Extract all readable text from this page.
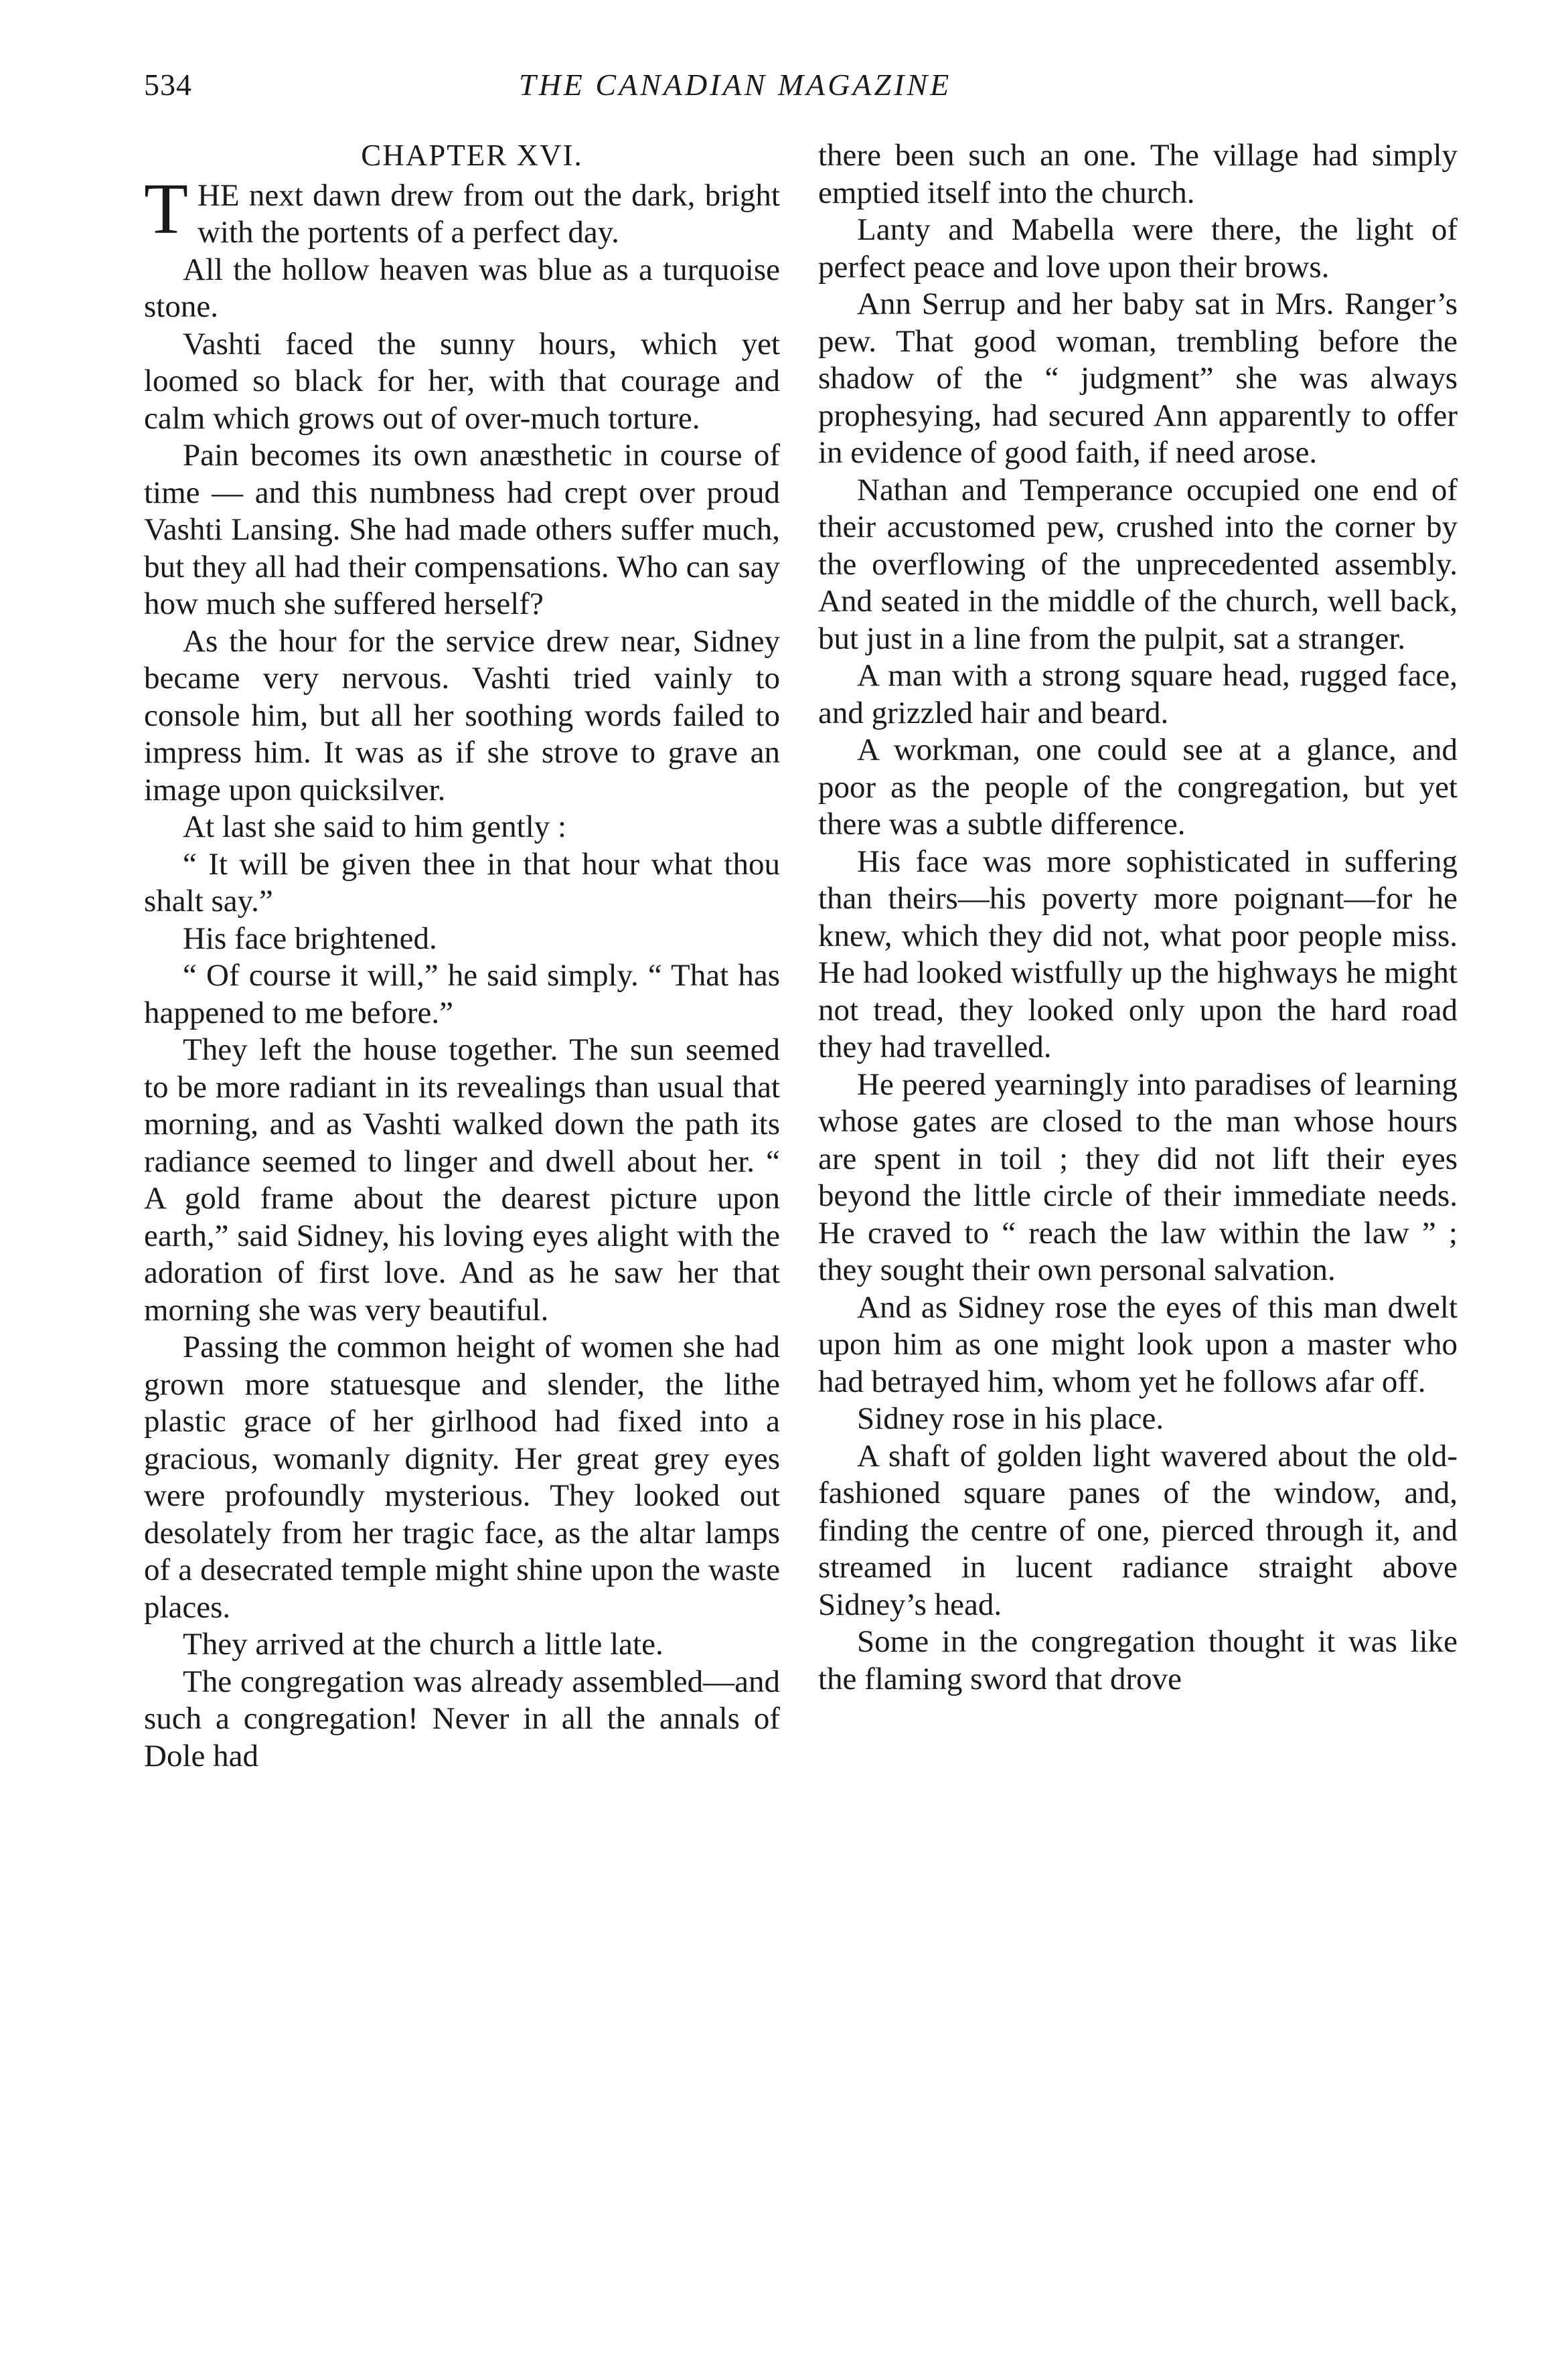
534	THE CANADIAN MAGAZINE
CHAPTER XVI.

THE next dawn drew from out the dark, bright with the portents of a perfect day.

All the hollow heaven was blue as a turquoise stone.

Vashti faced the sunny hours, which yet loomed so black for her, with that courage and calm which grows out of over-much torture.

Pain becomes its own anæsthetic in course of time — and this numbness had crept over proud Vashti Lansing. She had made others suffer much, but they all had their compensations. Who can say how much she suffered herself?

As the hour for the service drew near, Sidney became very nervous. Vashti tried vainly to console him, but all her soothing words failed to impress him. It was as if she strove to grave an image upon quicksilver.

At last she said to him gently :

“ It will be given thee in that hour what thou shalt say.”

His face brightened.

“ Of course it will,” he said simply. “ That has happened to me before.”

They left the house together. The sun seemed to be more radiant in its revealings than usual that morning, and as Vashti walked down the path its radiance seemed to linger and dwell about her. “ A gold frame about the dearest picture upon earth,” said Sidney, his loving eyes alight with the adoration of first love. And as he saw her that morning she was very beautiful.

Passing the common height of women she had grown more statuesque and slender, the lithe plastic grace of her girlhood had fixed into a gracious, womanly dignity. Her great grey eyes were profoundly mysterious. They looked out desolately from her tragic face, as the altar lamps of a desecrated temple might shine upon the waste places.

They arrived at the church a little late.

The congregation was already assembled—and such a congregation! Never in all the annals of Dole had

there been such an one. The village had simply emptied itself into the church.

Lanty and Mabella were there, the light of perfect peace and love upon their brows.

Ann Serrup and her baby sat in Mrs. Ranger’s pew. That good woman, trembling before the shadow of the “ judgment” she was always prophesying, had secured Ann apparently to offer in evidence of good faith, if need arose.

Nathan and Temperance occupied one end of their accustomed pew, crushed into the corner by the overflowing of the unprecedented assembly. And seated in the middle of the church, well back, but just in a line from the pulpit, sat a stranger.

A man with a strong square head, rugged face, and grizzled hair and beard.

A workman, one could see at a glance, and poor as the people of the congregation, but yet there was a subtle difference.

His face was more sophisticated in suffering than theirs—his poverty more poignant—for he knew, which they did not, what poor people miss. He had looked wistfully up the highways he might not tread, they looked only upon the hard road they had travelled.

He peered yearningly into paradises of learning whose gates are closed to the man whose hours are spent in toil ; they did not lift their eyes beyond the little circle of their immediate needs. He craved to “ reach the law within the law ” ; they sought their own personal salvation.

And as Sidney rose the eyes of this man dwelt upon him as one might look upon a master who had betrayed him, whom yet he follows afar off.

Sidney rose in his place.

A shaft of golden light wavered about the old-fashioned square panes of the window, and, finding the centre of one, pierced through it, and streamed in lucent radiance straight above Sidney’s head.

Some in the congregation thought it was like the flaming sword that drove
